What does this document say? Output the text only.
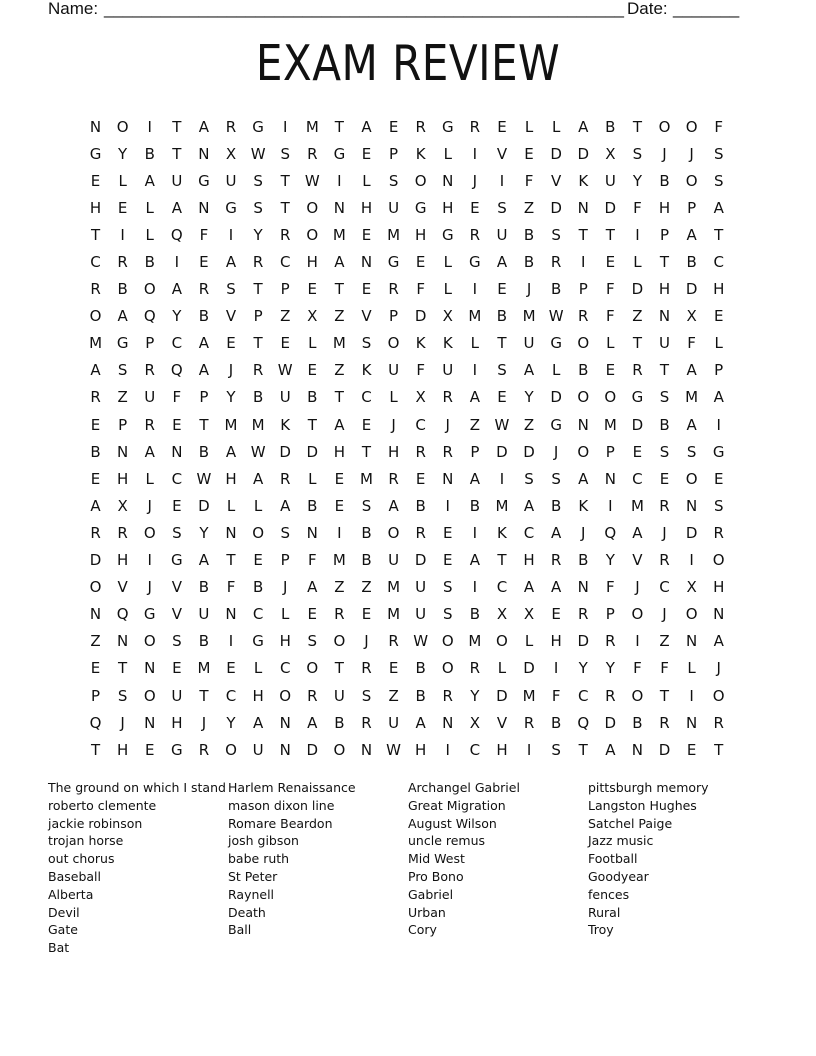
Name: _______________________________________________________ Date: _______
EXAM REVIEW
N	O	I	T	A	R	G	I	M	T	A	E	R	G	R	E	L	L	A	B	T	O	O	F
G	Y	B	T	N	X W S	R	G	E	P	K	L	I	V	E	D	D	X	S	J	J	S
E	L	A	U	G	U	S	T	W	I	L	S	O	N	J	I	F	V	K	U	Y	B	O	S
H	E	L	A	N	G	S	T	O	N	H	U	G	H	E	S	Z	D	N	D	F	H	P	A
T	I	L	Q	F	I	Y	R	O M	E	M H	G	R	U	B	S	T	T	I	P	A	T
C	R	B	I	E	A	R	C	H	A	N	G	E	L	G	A	B	R	I	E	L	T	B	C
R	B	O	A	R	S	T	P	E	T	E	R	F	L	I	E	J	B	P	F	D	H	D	H
O	A	Q	Y	B	V	P	Z	X	Z	V	P	D	X	M	B	M W R	F	Z	N	X	E
M G	P	C	A	E	T	E	L	M	S	O	K	K	L	T	U	G	O	L	T	U	F	L
A	S	R	Q	A	J	R W E	Z	K	U	F	U	I	S	A	L	B	E	R	T	A	P
R	Z	U	F	P	Y	B	U	B	T	C	L	X	R	A	E	Y	D	O	O	G	S	M	A
E	P	R	E	T	M M	K	T	A	E	J	C	J	Z W Z	G	N	M D	B	A	I
B	N	A	N	B	A W D	D	H	T	H	R	R	P	D	D	J	O	P	E	S	S	G
E	H	L	C W H	A	R	L	E	M	R	E	N	A	I	S	S	A	N	C	E	O	E
A	X	J	E	D	L	L	A	B	E	S	A	B	I	B	M	A	B	K	I	M	R	N	S
R	R	O	S	Y	N	O	S	N	I	B	O	R	E	I	K	C	A	J	Q	A	J	D	R
D	H	I	G	A	T	E	P	F	M	B	U	D	E	A	T	H	R	B	Y	V	R	I	O
O	V	J	V	B	F	B	J	A	Z	Z	M	U	S	I	C	A	A	N	F	J	C	X	H
N	Q	G	V	U	N	C	L	E	R	E	M	U	S	B	X	X	E	R	P	O	J	O	N
Z	N	O	S	B	I	G	H	S	O	J	R W O M O	L	H	D	R	I	Z	N	A
E	T	N	E	M	E	L	C	O	T	R	E	B	O	R	L	D	I	Y	Y	F	F	L	J
P	S	O	U	T	C	H	O	R	U	S	Z	B	R	Y	D M	F	C	R	O	T	I	O
Q	J	N	H	J	Y	A	N	A	B	R	U	A	N	X	V	R	B	Q	D	B	R	N	R
T	H	E	G	R	O	U	N	D	O	N W H	I	C	H	I	S	T	A	N	D	E	T
The ground on which I stand
roberto clemente
jackie robinson
trojan horse
out chorus
Baseball
Alberta
Devil
Gate
Bat
Harlem Renaissance
mason dixon line
Romare Beardon
josh gibson
babe ruth
St Peter
Raynell
Death
Ball
Archangel Gabriel
Great Migration
August Wilson
uncle remus
Mid West
Pro Bono
Gabriel
Urban
Cory
pittsburgh memory
Langston Hughes
Satchel Paige
Jazz music
Football
Goodyear
fences
Rural
Troy
